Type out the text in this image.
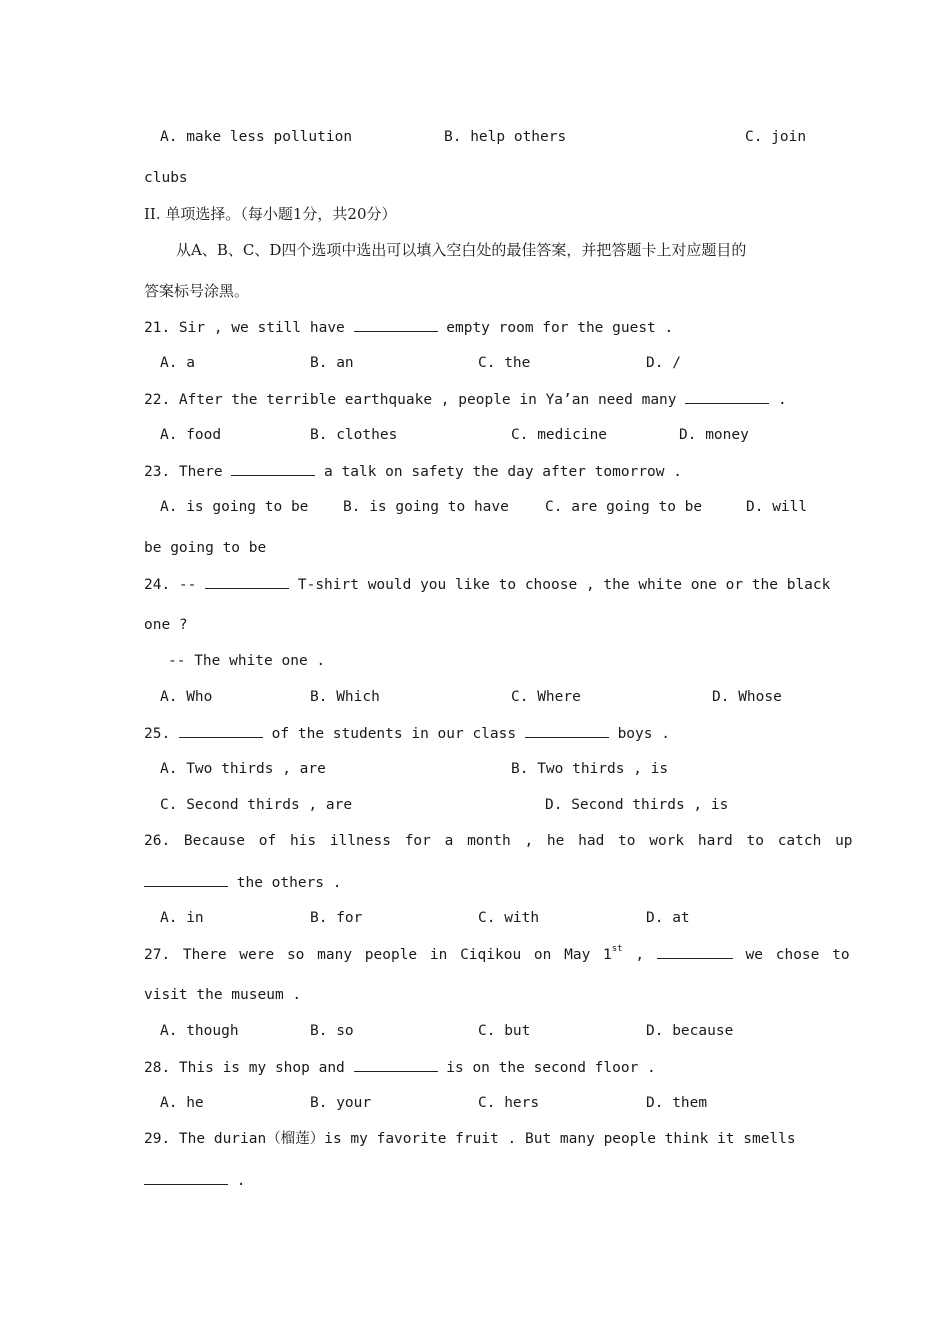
A. make less pollution	B. help others	C. join
clubs
II. 单项选择。（每小题1分，共20分）
从A、B、C、D四个选项中选出可以填入空白处的最佳答案，并把答题卡上对应题目的
答案标号涂黑。
21. Sir , we still have	empty room for the guest .
A. a	B. an	C. the	D. /
22. After the terrible earthquake , people in Ya’an need many	.
A. food	B. clothes	C. medicine	D. money
23. There	a talk on safety the day after tomorrow .
A. is going to be B. is going to have C. are going to be	D. will
be going to be
24. --	T-shirt would you like to choose , the white one or the black
one ?
-- The white one .
A. Who	B. Which	C. Where	D. Whose
25.	of the students in our class	boys .
A. Two thirds , are	B. Two thirds , is
C. Second thirds , are	D. Second thirds , is
26. Because of his illness for a month , he had to work hard to catch up
the others .
A. in	B. for	C. with	D. at
27. There were so many people in Ciqikou on May 1st ,	we chose to
visit the museum .
A. though	B. so	C. but	D. because
28. This is my shop and	is on the second floor .
A. he	B. your	C. hers	D. them
29. The durian（榴莲）is my favorite fruit . But many people think it smells
.
